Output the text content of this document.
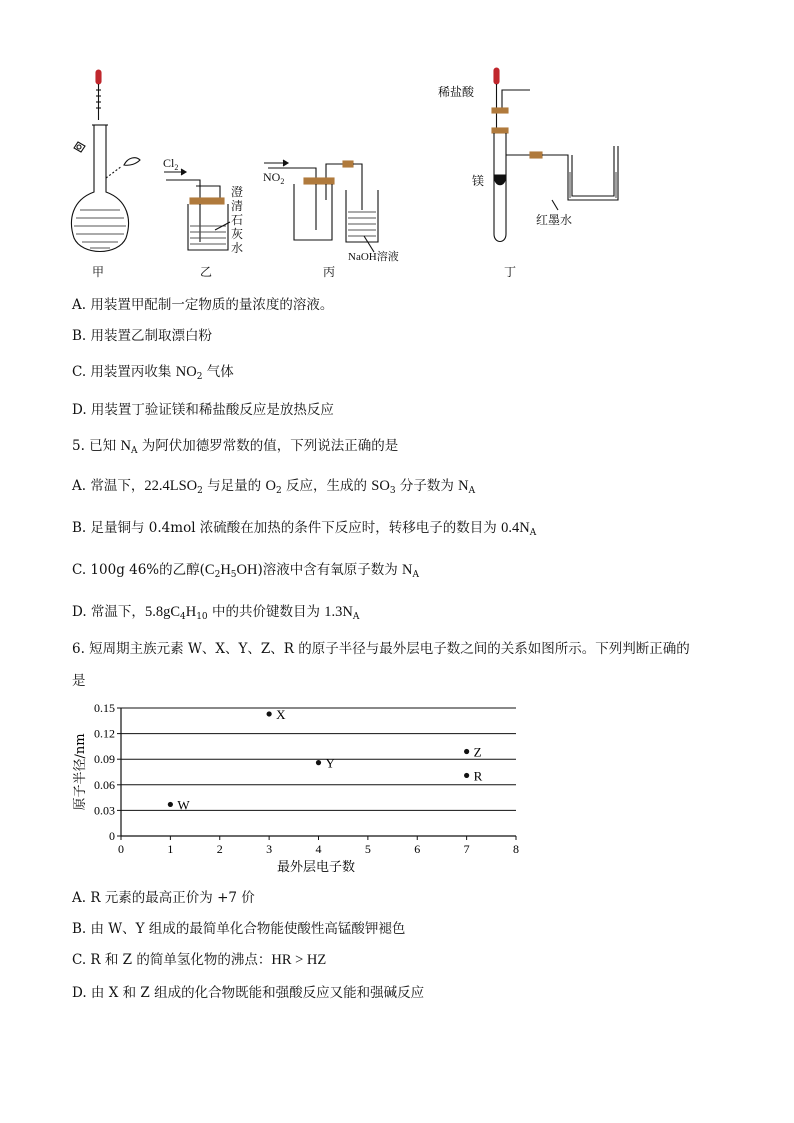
甲	乙	丙	丁
$Cl_2$
澄
清
石
灰
水
$NO_2$
NaOH溶液
稀盐酸
镁
红墨水
A. 用装置甲配制一定物质的量浓度的溶液。
B. 用装置乙制取漂白粉
C. 用装置丙收集 $NO_2$ 气体
D. 用装置丁验证镁和稀盐酸反应是放热反应
5. 已知 $N_A$ 为阿伏加德罗常数的值，下列说法正确的是
A. 常温下，$22.4LSO_2$ 与足量的 $O_2$ 反应，生成的 $SO_3$ 分子数为 $N_A$
B. 足量铜与 0.4mol 浓硫酸在加热的条件下反应时，转移电子的数目为 $0.4N_A$
C. 100g 46%的乙醇$(C_2H_5OH)$溶液中含有氧原子数为 $N_A$
D. 常温下，$5.8gC_4H_{10}$ 中的共价键数目为 $1.3N_A$
6. 短周期主族元素 W、X、Y、Z、R 的原子半径与最外层电子数之间的关系如图所示。下列判断正确的
是
0
0.03
0.06
0.09
0.12
0.15
0	1	2	3	4	5	6	7	8
W
X
Y
Z
R
最外层电子数
原子半径/nm
A. R 元素的最高正价为 +7 价
B. 由 W、Y 组成的最简单化合物能使酸性高锰酸钾褪色
C. R 和 Z 的简单氢化物的沸点：HR > HZ
D. 由 X 和 Z 组成的化合物既能和强酸反应又能和强碱反应
